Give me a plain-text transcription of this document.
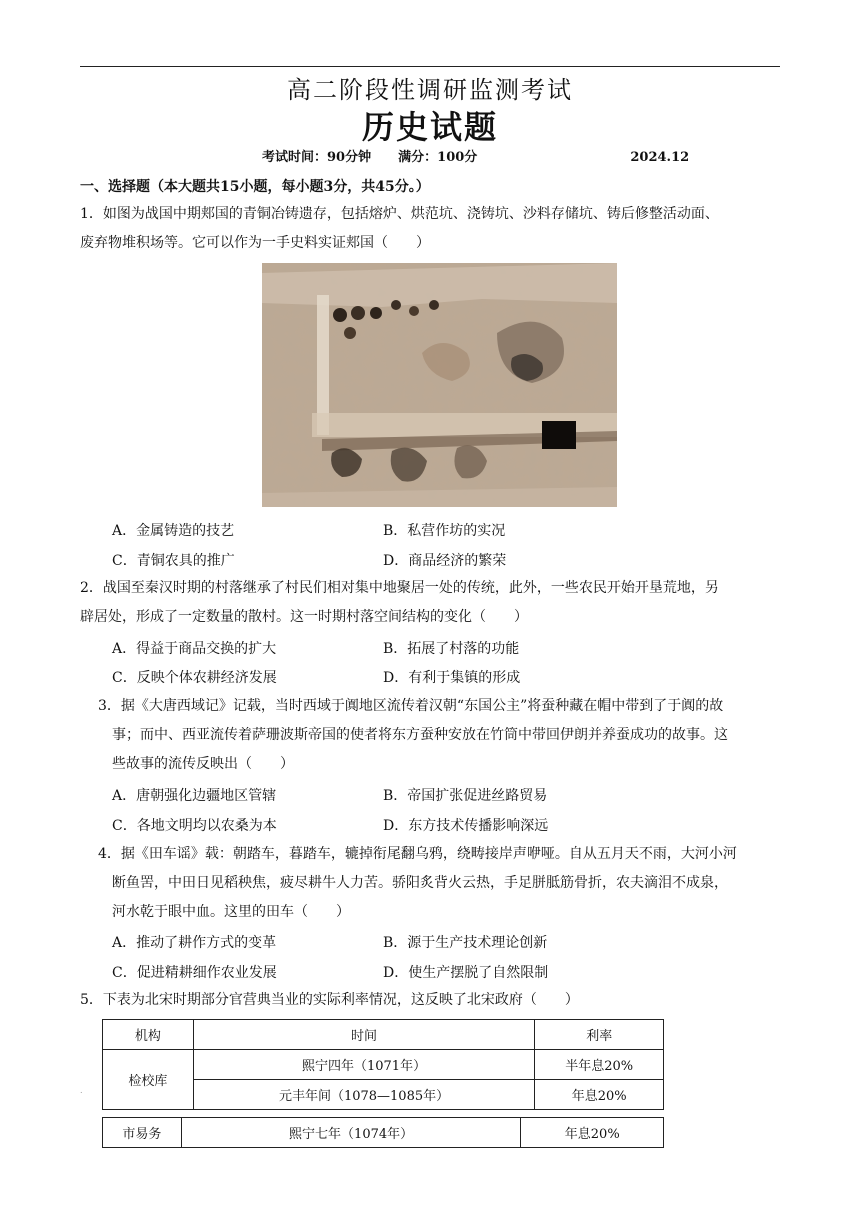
高二阶段性调研监测考试
历史试题
考试时间：90分钟 满分：100分	2024.12
一、选择题（本大题共15小题，每小题3分，共45分。）
1．如图为战国中期郏国的青铜冶铸遗存，包括熔炉、烘范坑、浇铸坑、沙料存储坑、铸后修整活动面、
废弃物堆积场等。它可以作为一手史料实证郏国（　　）
A．金属铸造的技艺	B．私营作坊的实况
C．青铜农具的推广	D．商品经济的繁荣
2．战国至秦汉时期的村落继承了村民们相对集中地聚居一处的传统，此外，一些农民开始开垦荒地，另
辟居处，形成了一定数量的散村。这一时期村落空间结构的变化（　　）
A．得益于商品交换的扩大	B．拓展了村落的功能
C．反映个体农耕经济发展	D．有利于集镇的形成
3．据《大唐西域记》记载，当时西域于阗地区流传着汉朝“东国公主”将蚕种藏在帽中带到了于阗的故
事；而中、西亚流传着萨珊波斯帝国的使者将东方蚕种安放在竹筒中带回伊朗并养蚕成功的故事。这
些故事的流传反映出（　　）
A．唐朝强化边疆地区管辖	B．帝国扩张促进丝路贸易
C．各地文明均以农桑为本	D．东方技术传播影响深远
4．据《田车谣》载：朝踏车，暮踏车，辘掉衔尾翻乌鸦，绕畴接岸声咿哑。自从五月天不雨，大河小河
断鱼罟，中田日见稻秧焦，疲尽耕牛人力苦。骄阳炙背火云热，手足胼胝筋骨折，农夫滴泪不成泉，
河水乾于眼中血。这里的田车（　　）
A．推动了耕作方式的变革	B．源于生产技术理论创新
C．促进精耕细作农业发展	D．使生产摆脱了自然限制
5．下表为北宋时期部分官营典当业的实际利率情况，这反映了北宋政府（　　）
机构	时间	利率
检校库	熙宁四年（1071年）	半年息20%
	元丰年间（1078—1085年）	年息20%
.
市易务	熙宁七年（1074年）	年息20%
